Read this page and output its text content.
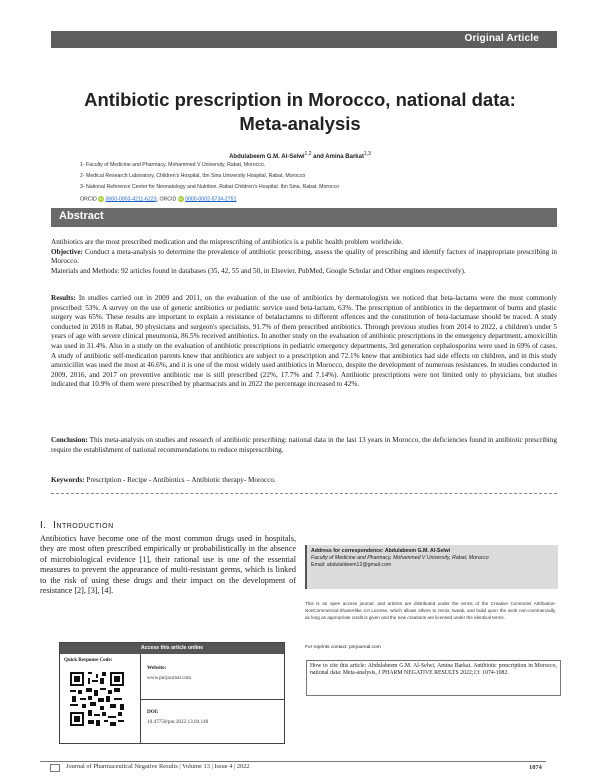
Original Article
Antibiotic prescription in Morocco, national data:
Meta-analysis
Abdulabeem G.M. Al-Selwi$^{1,2}$ and Amina Barkat$^{1,3}$
1- Faculty of Medicine and Pharmacy, Mohammed V University, Rabat, Morocco.
2- Medical Research Laboratory, Children's Hospital, Ibn Sina University Hospital, Rabat, Morocco
3- National Reference Center for Neonatology and Nutrition. Rabat Children's Hospital. Ibn Sina, Rabat, Morocco
ORCID iD 0000-0003-4211-6223, ORCID iD 0000-0002-5734-2751
Abstract
Antibiotics are the most prescribed medication and the misprescribing of antibiotics is a public health problem worldwide.
Objective: Conduct a meta-analysis to determine the prevalence of antibiotic prescribing, assess the quality of prescribing and identify factors of inappropriate prescribing in Morocco.
Materials and Methods: 92 articles found in databases (35, 42, 55 and 50, in Elsevier, PubMed, Google Scholar and Other engines respectively).
Results: In studies carried out in 2009 and 2011, on the evaluation of the use of antibiotics by dermatologists we noticed that beta-lactams were the most commonly prescribed: 53%. A survey on the use of generic antibiotics or pediatric service used beta-lactam, 63%. The prescription of antibiotics in the department of burns and plastic surgery was 65%. These results are important to explain a resistance of betalactamns to different offences and the constitution of beta-lactamase should be traced. A study conducted in 2018 in Rabat, 90 physicians and surgeon's specialists, 91.7% of them prescribed antibiotics. Through previous studies from 2014 to 2022, a children's under 5 years of age with severe clinical pneumonia, 86.5% received antibiotics. In another study on the evaluation of antibiotic prescriptions in the emergency department, amoxicillin was used in 31.4%. Also in a study on the evaluation of antibiotic prescriptions in pediatric emergency departments, 3rd generation cephalosporins were used in 69% of cases. A study of antibiotic self-medication parents knew that antibiotics are subject to a prescription and 72.1% knew that antibiotics had side effects on children, and in this study amoxicillin was used the most at 46.6%, and it is one of the most widely used antibiotics in Morocco, despite the development of numerous resistances. In studies conducted in 2009, 2016, and 2017 on preventive antibiotic use is still prescribed (22%, 17.7% and 7.14%). Antibiotic prescriptions were not limited only to physicians, but studies indicated that 10.9% of them were prescribed by pharmacists and in 2022 the percentage increased to 42%.
Conclusion: This meta-analysis on studies and research of antibiotic prescribing: national data in the last 13 years in Morocco, the deficiencies found in antibiotic prescribing require the establishment of national recommendations to reduce misprescribing.
Keywords: Prescription - Recipe - Antibiotics – Antibiotic therapy- Morocco.
I. Introduction
Antibiotics have become one of the most common drugs used in hospitals, they are most often prescribed empirically or probabilistically in the absence of microbiological evidence [1], their rational use is one of the essential measures to prevent the appearance of multi-resistant germs, which is linked to the risk of using these drugs and their impact on the development of resistance [2], [3], [4].
Address for correspondence: Abdulabeem G.M. Al-Selwi
Faculty of Medicine and Pharmacy, Mohammed V University, Rabat, Morocco
Email: abdulaldeem12@gmail.com
This is an open access journal, and articles are distributed under the terms of the Creative Commons Attribution-NonCommercial-ShareAlike 4.0 License, which allows others to remix, tweak, and build upon the work non-commercially, as long as appropriate credit is given and the new creations are licensed under the identical terms.
For reprints contact: pnrjournal.com
How to cite this article: Abdulabeem G.M. Al-Selwi, Amina Barkat. Antibiotic prescription in Morocco, national data: Meta-analysis, J PHARM NEGATIVE RESULTS 2022;13: 1074-1082.
Access this article online
Quick Response Code:
Website:
www.pnrjournal.com
DOI:
10.47750/pnr.2022.13.04.148
Journal of Pharmaceutical Negative Results | Volume 13 | Issue 4 | 2022	1074
